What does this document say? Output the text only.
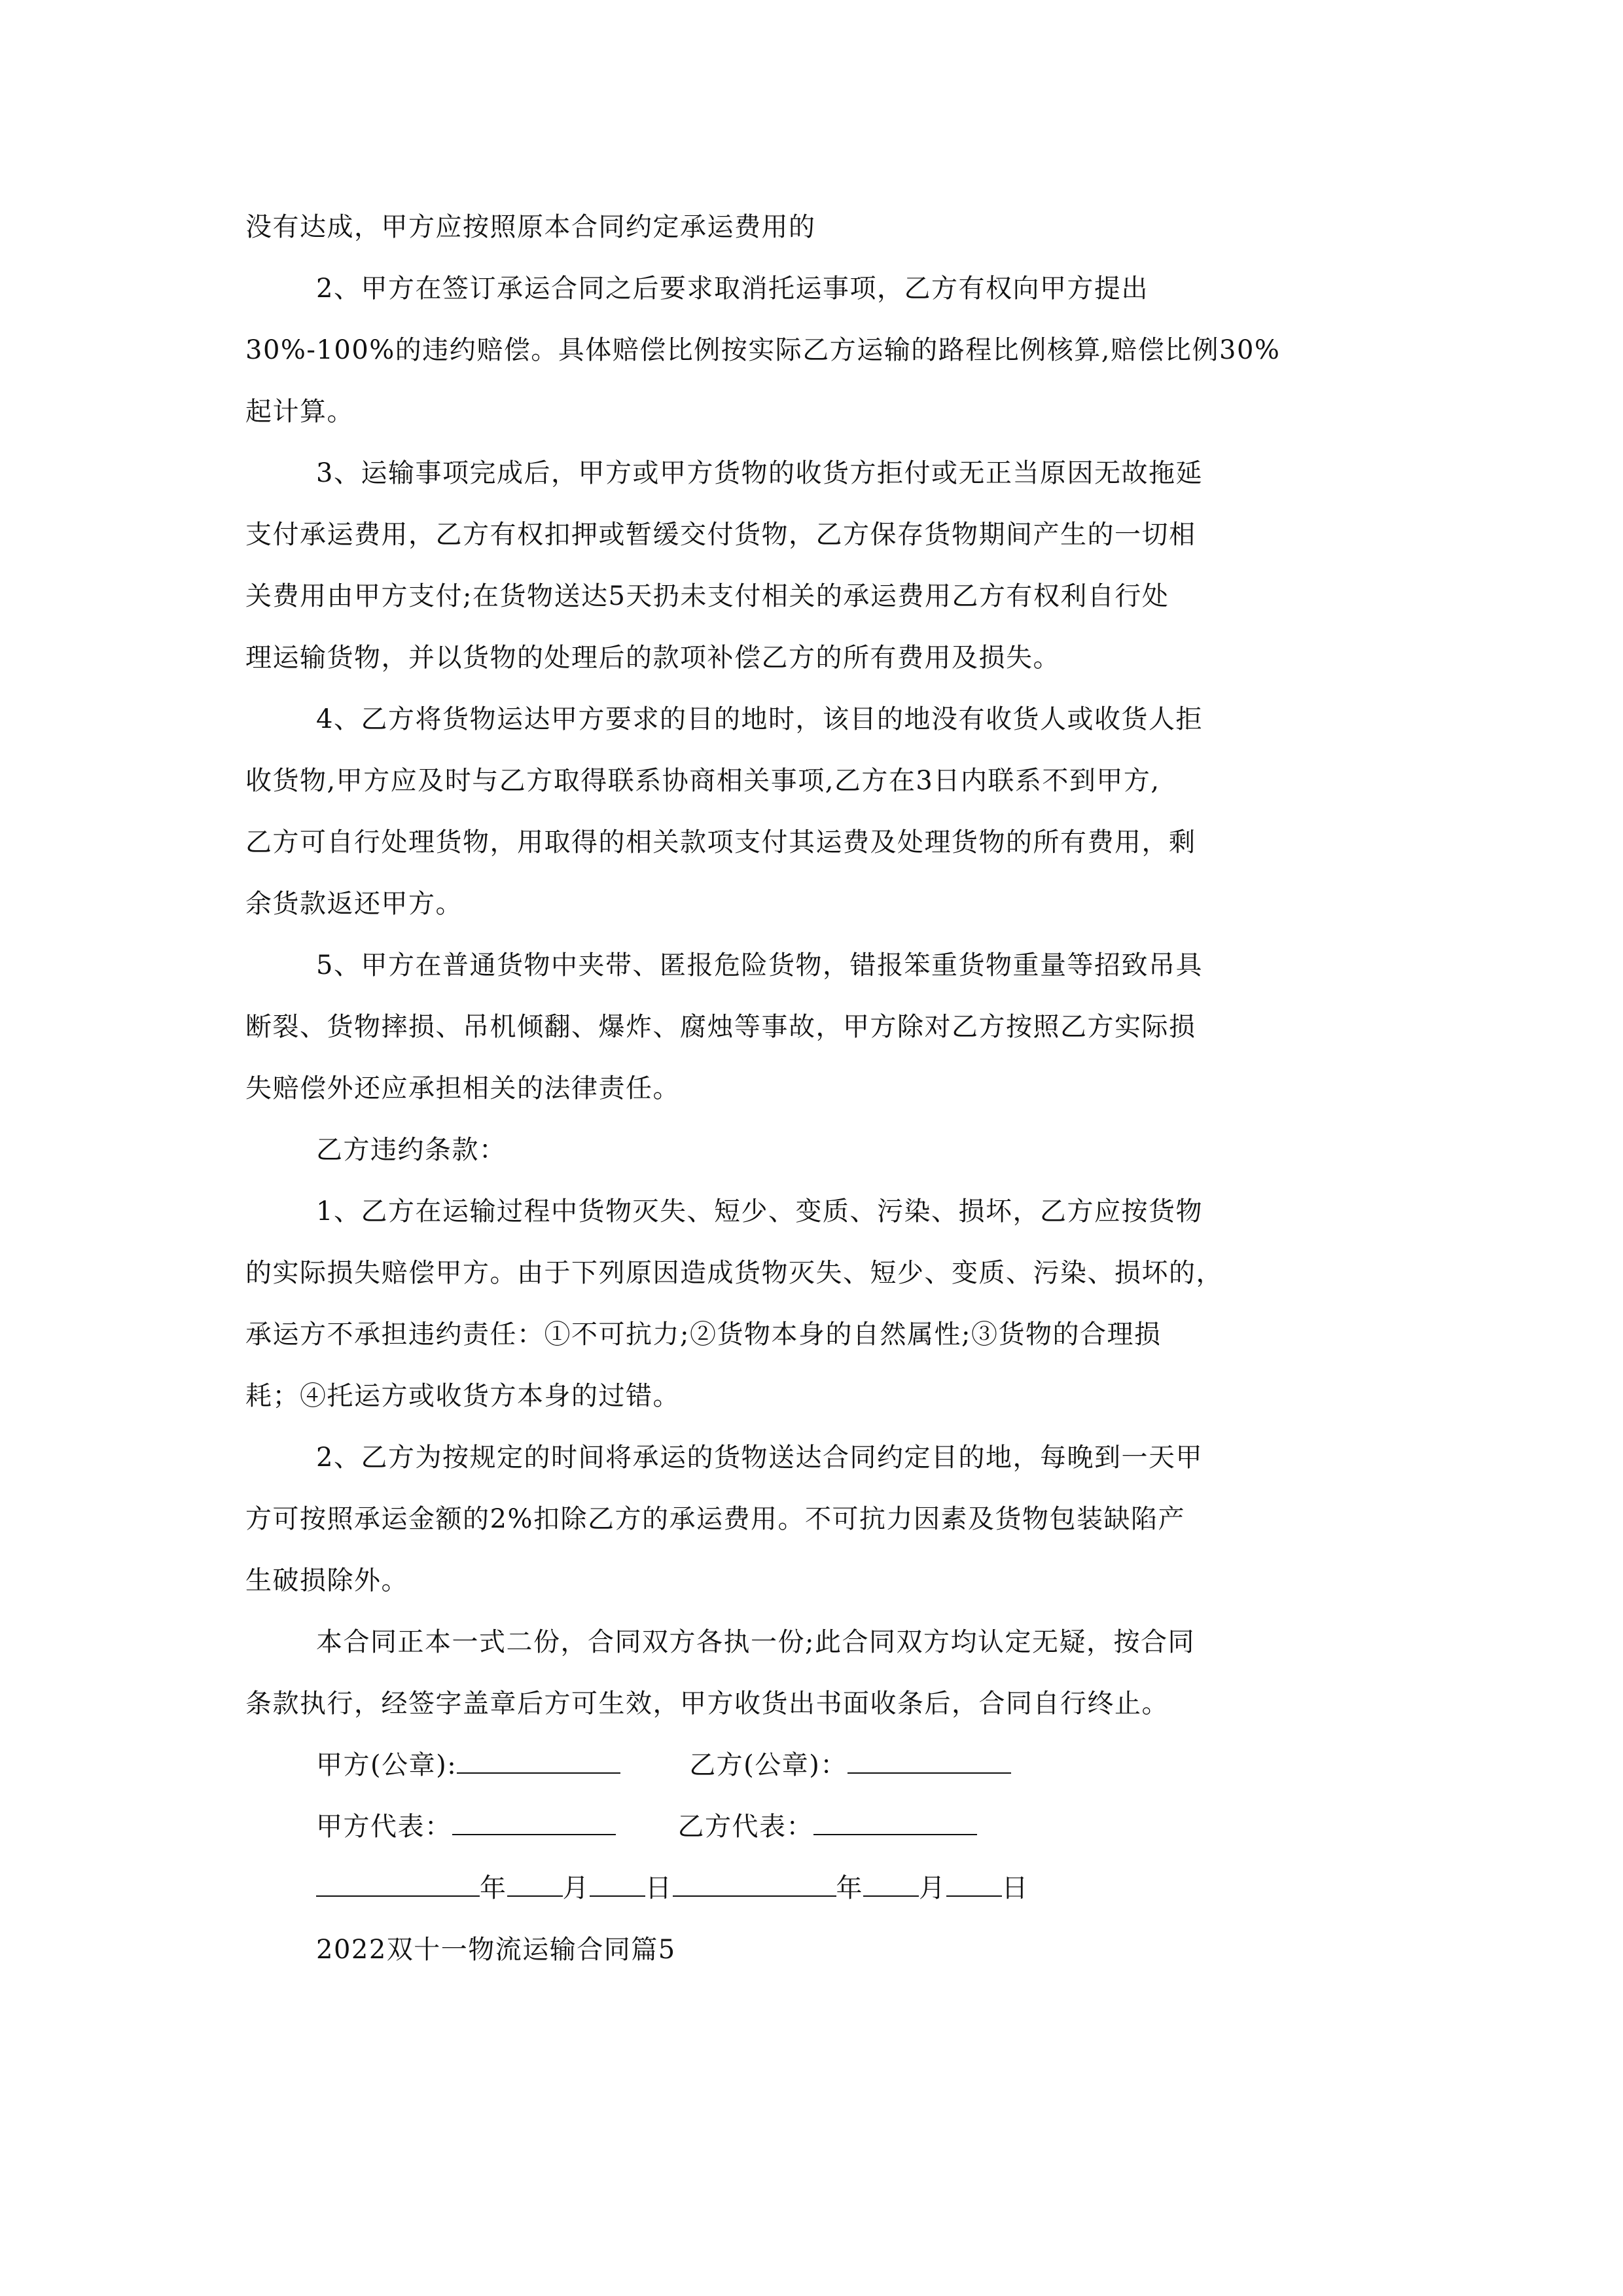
没有达成，甲方应按照原本合同约定承运费用的
2、甲方在签订承运合同之后要求取消托运事项，乙方有权向甲方提出
30%-100%的违约赔偿。具体赔偿比例按实际乙方运输的路程比例核算,赔偿比例30%
起计算。
3、运输事项完成后，甲方或甲方货物的收货方拒付或无正当原因无故拖延
支付承运费用，乙方有权扣押或暂缓交付货物，乙方保存货物期间产生的一切相
关费用由甲方支付;在货物送达5天扔未支付相关的承运费用乙方有权利自行处
理运输货物，并以货物的处理后的款项补偿乙方的所有费用及损失。
4、乙方将货物运达甲方要求的目的地时，该目的地没有收货人或收货人拒
收货物,甲方应及时与乙方取得联系协商相关事项,乙方在3日内联系不到甲方,
乙方可自行处理货物，用取得的相关款项支付其运费及处理货物的所有费用，剩
余货款返还甲方。
5、甲方在普通货物中夹带、匿报危险货物，错报笨重货物重量等招致吊具
断裂、货物摔损、吊机倾翻、爆炸、腐烛等事故，甲方除对乙方按照乙方实际损
失赔偿外还应承担相关的法律责任。
乙方违约条款：
1、乙方在运输过程中货物灭失、短少、变质、污染、损坏，乙方应按货物
的实际损失赔偿甲方。由于下列原因造成货物灭失、短少、变质、污染、损坏的，
承运方不承担违约责任：①不可抗力;②货物本身的自然属性;③货物的合理损
耗；④托运方或收货方本身的过错。
2、乙方为按规定的时间将承运的货物送达合同约定目的地，每晚到一天甲
方可按照承运金额的2%扣除乙方的承运费用。不可抗力因素及货物包装缺陷产
生破损除外。
本合同正本一式二份，合同双方各执一份;此合同双方均认定无疑，按合同
条款执行，经签字盖章后方可生效，甲方收货出书面收条后，合同自行终止。
甲方(公章):	乙方(公章)：
甲方代表：	乙方代表：
年 月 日	年 月 日
2022双十一物流运输合同篇5
